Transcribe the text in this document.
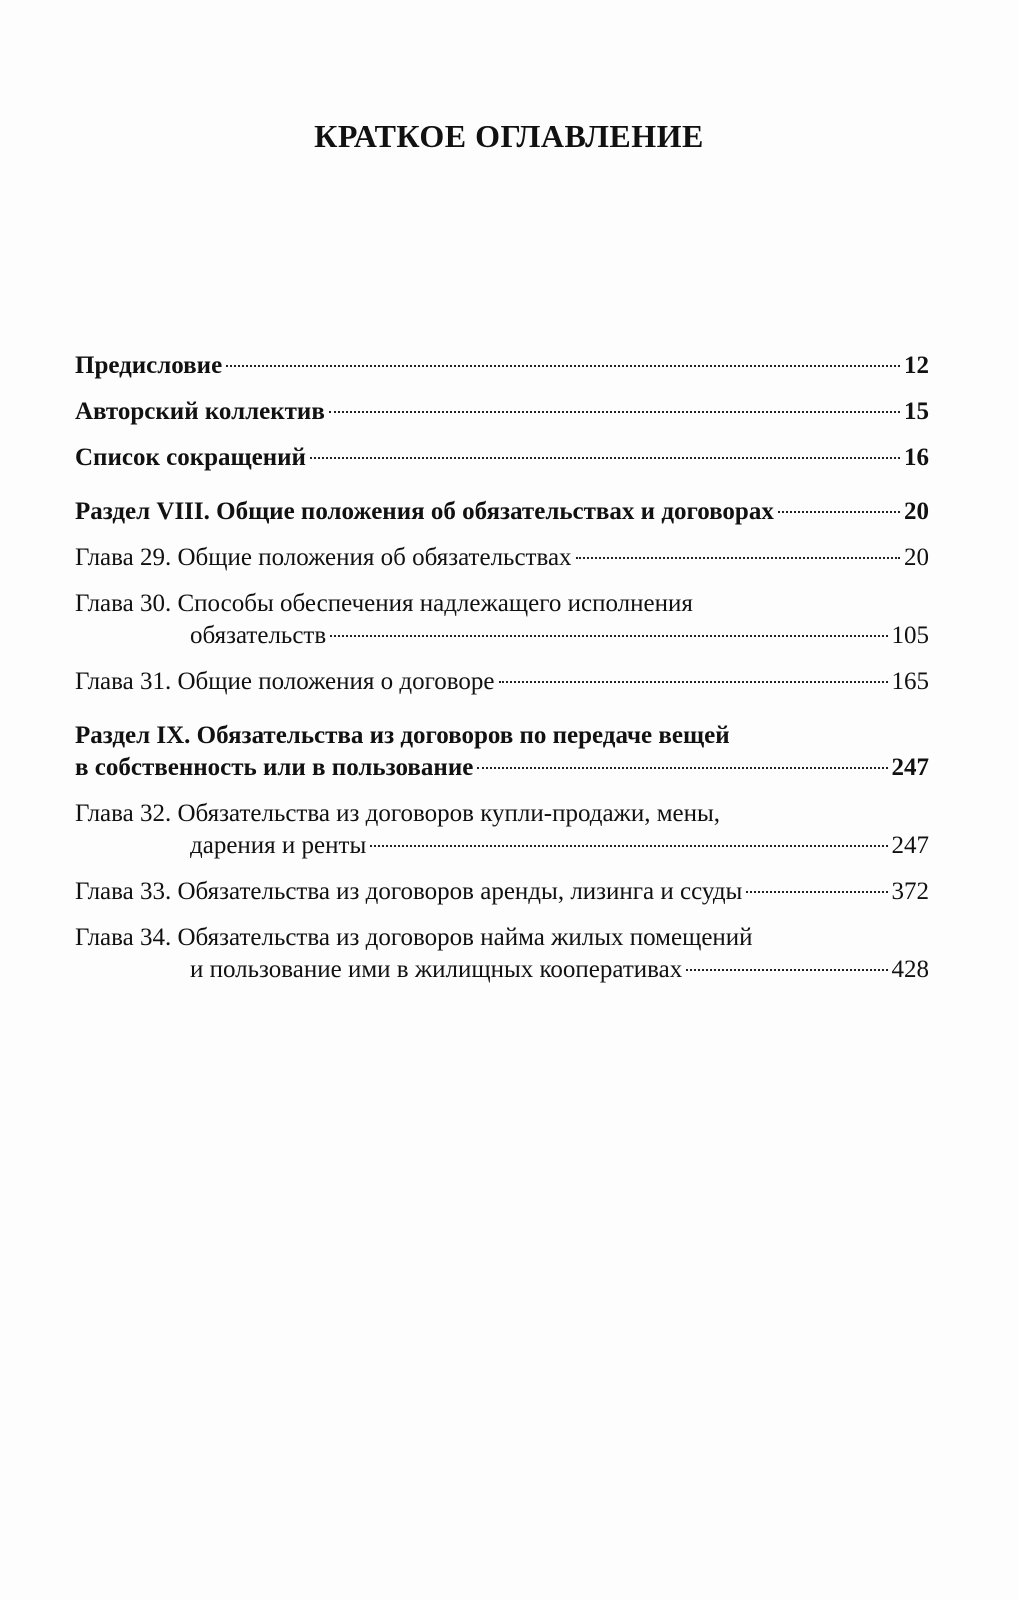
КРАТКОЕ ОГЛАВЛЕНИЕ
Предисловие	12
Авторский коллектив	15
Список сокращений	16
Раздел VIII. Общие положения об обязательствах и договорах	20
Глава 29. Общие положения об обязательствах	20
Глава 30. Способы обеспечения надлежащего исполнения
обязательств	105
Глава 31. Общие положения о договоре	165
Раздел IX. Обязательства из договоров по передаче вещей
в собственность или в пользование	247
Глава 32. Обязательства из договоров купли-продажи, мены,
дарения и ренты	247
Глава 33. Обязательства из договоров аренды, лизинга и ссуды	372
Глава 34. Обязательства из договоров найма жилых помещений
и пользование ими в жилищных кооперативах	428
